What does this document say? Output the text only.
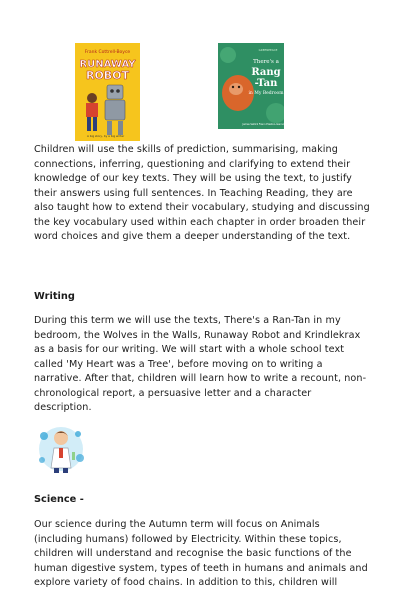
Frank Cottrell-Boyce
RUNAWAY
ROBOT
A big story, by a big writer
There's a
Rang
-Tan
in My Bedroom
GREENPEACE
James Sellick Frann Preston-Gannon

Children will use the skills of prediction, summarising, making connections, inferring, questioning and clarifying to extend their knowledge of our key texts. They will be using the text, to justify their answers using full sentences. In Teaching Reading, they are also taught how to extend their vocabulary, studying and discussing the key vocabulary used within each chapter in order broaden their word choices and give them a deeper understanding of the text.

Writing

During this term we will use the texts, There's a Ran-Tan in my bedroom, the Wolves in the Walls, Runaway Robot and Krindlekrax as a basis for our writing. We will start with a whole school text called 'My Heart was a Tree', before moving on to writing a narrative. After that, children will learn how to write a recount, non-chronological report, a persuasive letter and a character description.

Science -

Our science during the Autumn term will focus on Animals (including humans) followed by Electricity. Within these topics, children will understand and recognise the basic functions of the human digestive system, types of teeth in humans and animals and explore variety of food chains. In addition to this, children will
